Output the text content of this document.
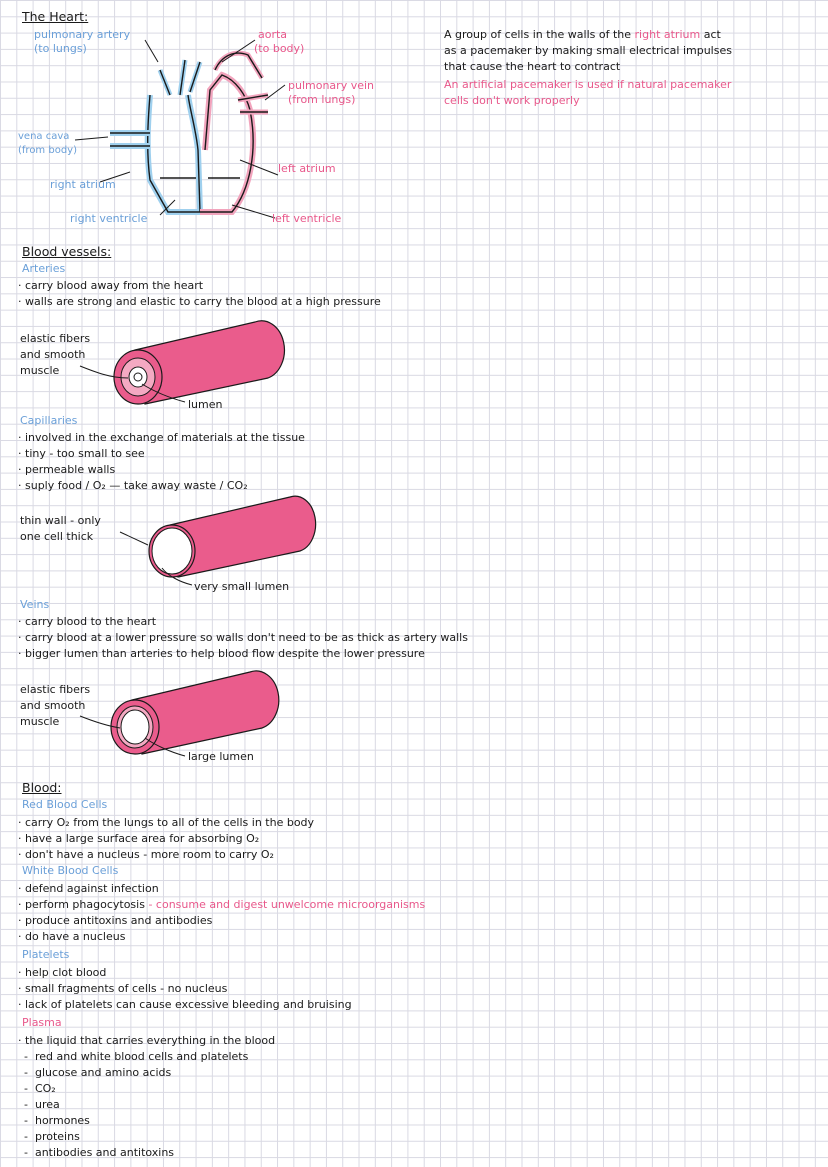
The Heart:
pulmonary artery
(to lungs)
aorta
(to body)
pulmonary vein
(from lungs)
vena cava
(from body)
right atrium
left atrium
right ventricle	left ventricle
A group of cells in the walls of the right atrium act
as a pacemaker by making small electrical impulses
that cause the heart to contract
An artificial pacemaker is used if natural pacemaker
cells don't work properly
Blood vessels:
Arteries
· carry blood away from the heart
· walls are strong and elastic to carry the blood at a high pressure
elastic fibers
and smooth
muscle
lumen
Capillaries
· involved in the exchange of materials at the tissue
· tiny - too small to see
· permeable walls
· suply food / O₂ — take away waste / CO₂
thin wall - only
one cell thick
very small lumen
Veins
· carry blood to the heart
· carry blood at a lower pressure so walls don't need to be as thick as artery walls
· bigger lumen than arteries to help blood flow despite the lower pressure
elastic fibers
and smooth
muscle
large lumen
Blood:
Red Blood Cells
· carry O₂ from the lungs to all of the cells in the body
· have a large surface area for absorbing O₂
· don't have a nucleus - more room to carry O₂
White Blood Cells
· defend against infection
· perform phagocytosis - consume and digest unwelcome microorganisms
· produce antitoxins and antibodies
· do have a nucleus
Platelets
· help clot blood
· small fragments of cells - no nucleus
· lack of platelets can cause excessive bleeding and bruising
Plasma
· the liquid that carries everything in the blood
-  red and white blood cells and platelets
-  glucose and amino acids
-  CO₂
-  urea
-  hormones
-  proteins
-  antibodies and antitoxins
